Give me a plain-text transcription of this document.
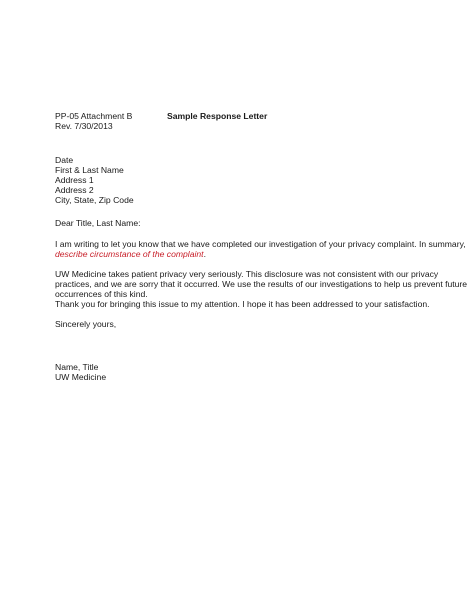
PP-05 Attachment B	Sample Response Letter
Rev. 7/30/2013
Date
First & Last Name
Address 1
Address 2
City, State, Zip Code
Dear Title, Last Name:
I am writing to let you know that we have completed our investigation of your privacy complaint. In summary,
describe circumstance of the complaint.
UW Medicine takes patient privacy very seriously. This disclosure was not consistent with our privacy
practices, and we are sorry that it occurred. We use the results of our investigations to help us prevent future
occurrences of this kind.
Thank you for bringing this issue to my attention. I hope it has been addressed to your satisfaction.
Sincerely yours,
Name, Title
UW Medicine
